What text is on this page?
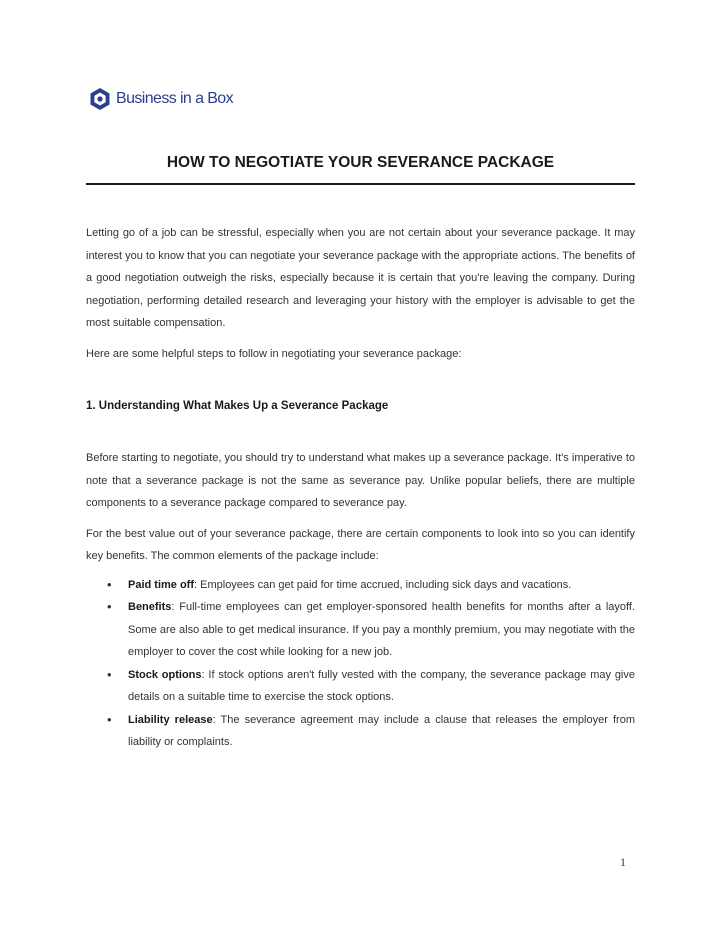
Business in a Box
HOW TO NEGOTIATE YOUR SEVERANCE PACKAGE

Letting go of a job can be stressful, especially when you are not certain about your severance package. It may interest you to know that you can negotiate your severance package with the appropriate actions. The benefits of a good negotiation outweigh the risks, especially because it is certain that you're leaving the company. During negotiation, performing detailed research and leveraging your history with the employer is advisable to get the most suitable compensation.

Here are some helpful steps to follow in negotiating your severance package:

1. Understanding What Makes Up a Severance Package

Before starting to negotiate, you should try to understand what makes up a severance package. It's imperative to note that a severance package is not the same as severance pay. Unlike popular beliefs, there are multiple components to a severance package compared to severance pay.

For the best value out of your severance package, there are certain components to look into so you can identify key benefits. The common elements of the package include:

• Paid time off: Employees can get paid for time accrued, including sick days and vacations.
• Benefits: Full-time employees can get employer-sponsored health benefits for months after a layoff. Some are also able to get medical insurance. If you pay a monthly premium, you may negotiate with the employer to cover the cost while looking for a new job.
• Stock options: If stock options aren't fully vested with the company, the severance package may give details on a suitable time to exercise the stock options.
• Liability release: The severance agreement may include a clause that releases the employer from liability or complaints.
1
